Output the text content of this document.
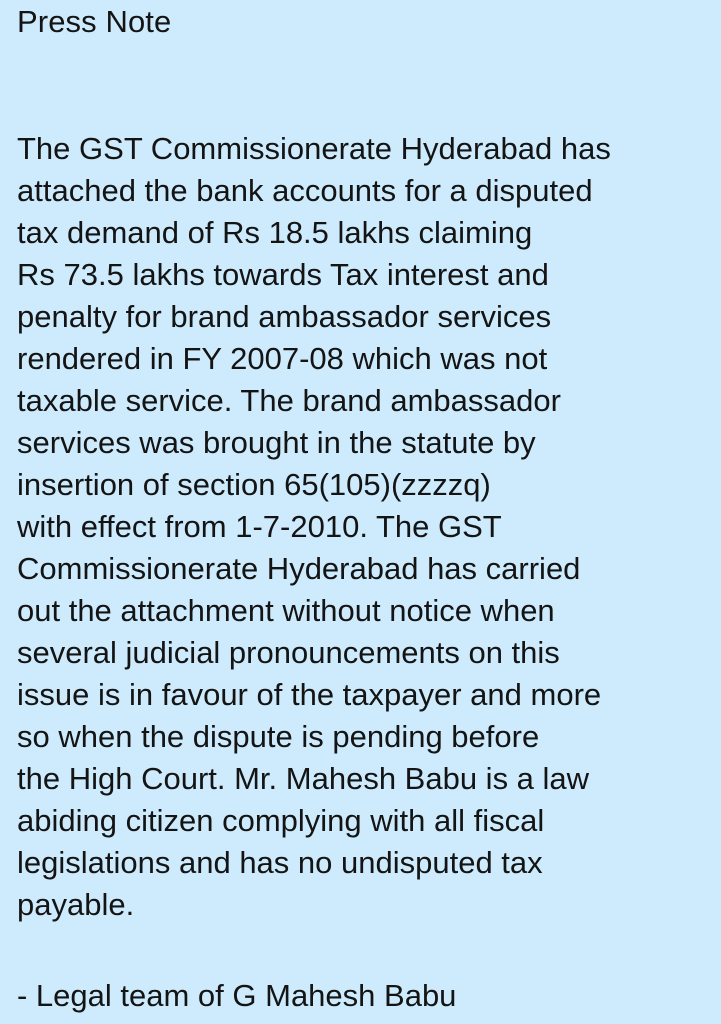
Press Note
The GST Commissionerate Hyderabad has
attached the bank accounts for a disputed
tax demand of Rs 18.5 lakhs claiming
Rs 73.5 lakhs towards Tax interest and
penalty for brand ambassador services
rendered in FY 2007-08 which was not
taxable service. The brand ambassador
services was brought in the statute by
insertion of section 65(105)(zzzzq)
with effect from 1-7-2010. The GST
Commissionerate Hyderabad has carried
out the attachment without notice when
several judicial pronouncements on this
issue is in favour of the taxpayer and more
so when the dispute is pending before
the High Court. Mr. Mahesh Babu is a law
abiding citizen complying with all fiscal
legislations and has no undisputed tax
payable.
- Legal team of G Mahesh Babu
